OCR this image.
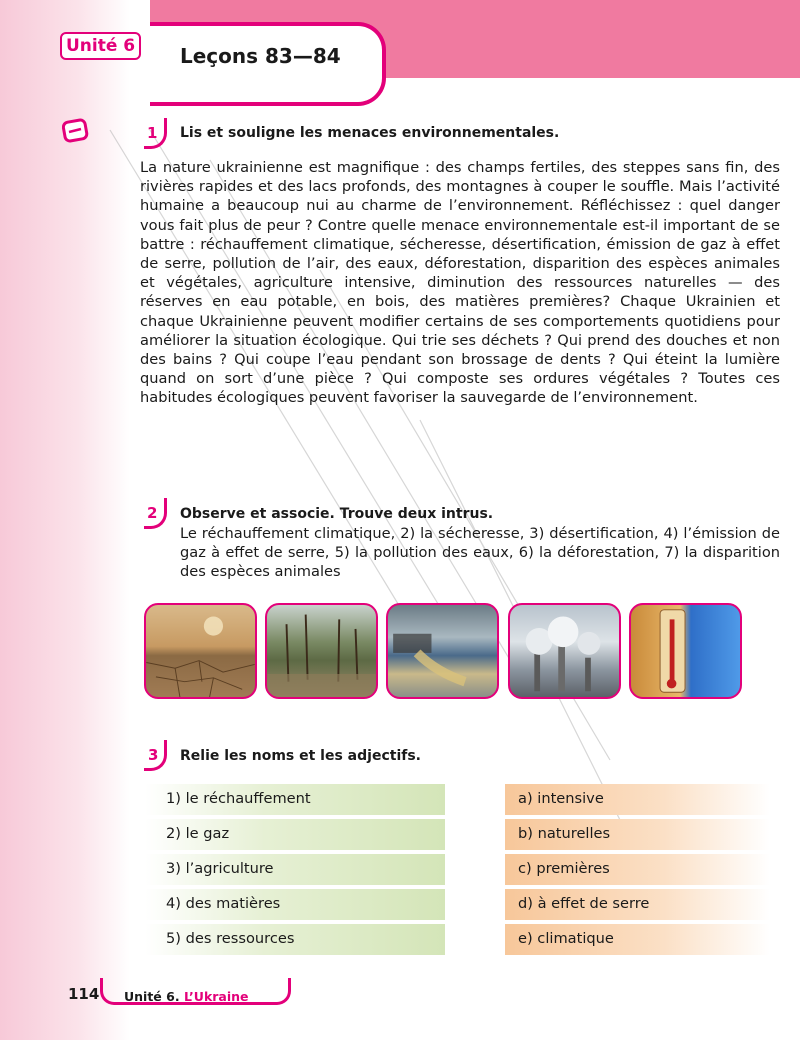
Unité 6	Leçons 83—84
1 Lis et souligne les menaces environnementales.
La nature ukrainienne est magnifique : des champs fertiles, des steppes sans fin, des rivières rapides et des lacs profonds, des montagnes à couper le souffle. Mais l’activité humaine a beaucoup nui au charme de l’environnement. Réfléchissez : quel danger vous fait plus de peur ? Contre quelle menace environnementale est-il important de se battre : réchauffement climatique, sécheresse, désertification, émission de gaz à effet de serre, pollution de l’air, des eaux, déforestation, disparition des espèces animales et végétales, agriculture intensive, diminution des ressources naturelles — des réserves en eau potable, en bois, des matières premières? Chaque Ukrainien et chaque Ukrainienne peuvent modifier certains de ses comportements quotidiens pour améliorer la situation écologique. Qui trie ses déchets ? Qui prend des douches et non des bains ? Qui coupe l’eau pendant son brossage de dents ? Qui éteint la lumière quand on sort d’une pièce ? Qui composte ses ordures végétales ? Toutes ces habitudes écologiques peuvent favoriser la sauvegarde de l’environnement.
2 Observe et associe. Trouve deux intrus.
Le réchauffement climatique, 2) la sécheresse, 3) désertification, 4) l’émission de gaz à effet de serre, 5) la pollution des eaux, 6) la déforestation, 7) la disparition des espèces animales
3 Relie les noms et les adjectifs.
1) le réchauffement	a) intensive
2) le gaz	b) naturelles
3) l’agriculture	c) premières
4) des matières	d) à effet de serre
5) des ressources	e) climatique
114 Unité 6. L’Ukraine
